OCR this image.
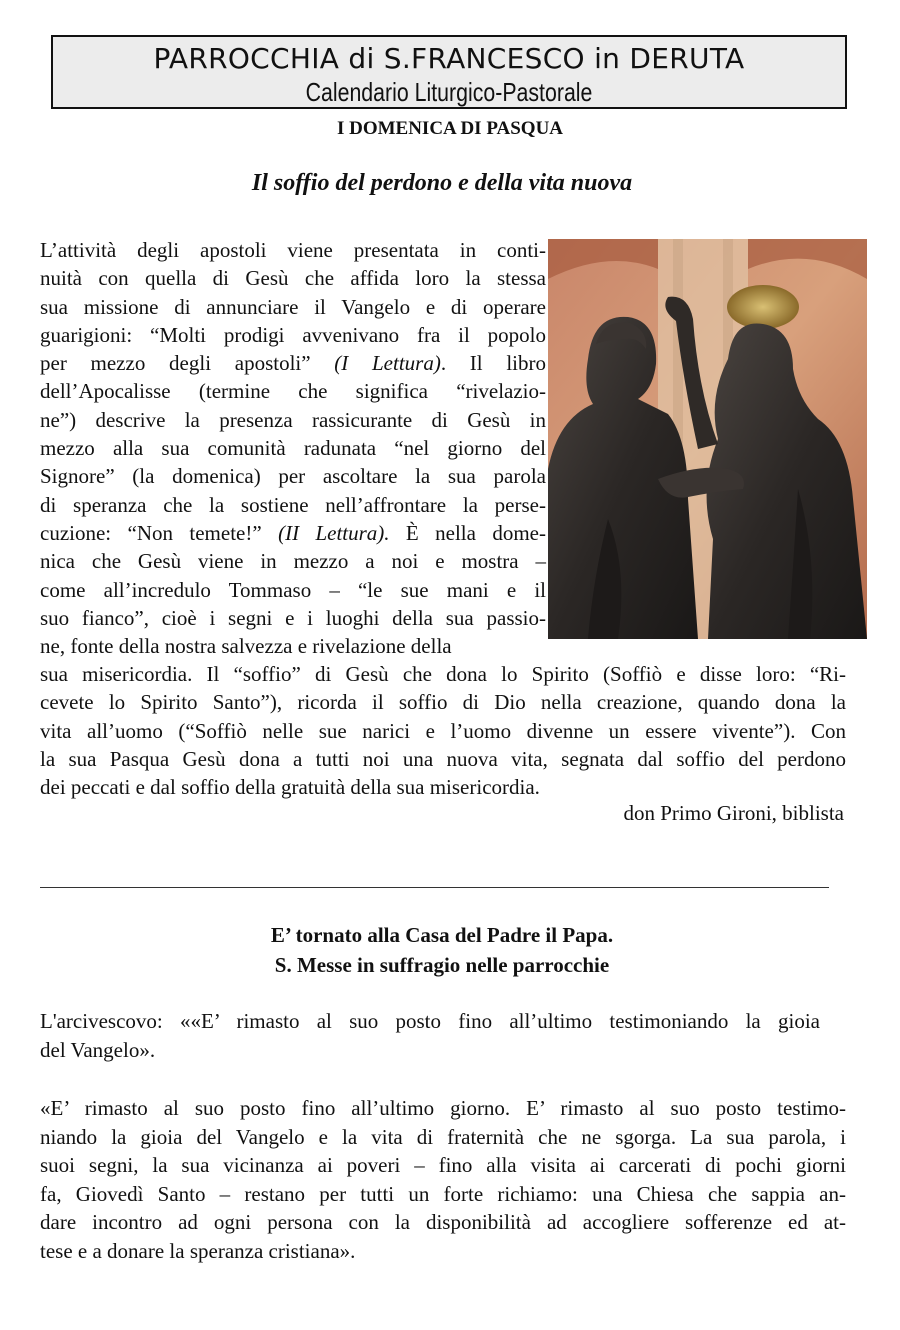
PARROCCHIA di S.FRANCESCO in DERUTA
Calendario Liturgico-Pastorale
I DOMENICA DI PASQUA
Il soffio del perdono e della vita nuova
L’attività degli apostoli viene presentata in conti-
nuità con quella di Gesù che affida loro la stessa
sua missione di annunciare il Vangelo e di operare
guarigioni: “Molti prodigi avvenivano fra il popolo
per mezzo degli apostoli” (I Lettura). Il libro
dell’Apocalisse (termine che significa “rivelazio-
ne”) descrive la presenza rassicurante di Gesù in
mezzo alla sua comunità radunata “nel giorno del
Signore” (la domenica) per ascoltare la sua parola
di speranza che la sostiene nell’affrontare la perse-
cuzione: “Non temete!” (II Lettura). È nella dome-
nica che Gesù viene in mezzo a noi e mostra –
come all’incredulo Tommaso – “le sue mani e il
suo fianco”, cioè i segni e i luoghi della sua passio-
ne, fonte della nostra salvezza e rivelazione della
sua misericordia. Il “soffio” di Gesù che dona lo Spirito (Soffiò e disse loro: “Ri-
cevete lo Spirito Santo”), ricorda il soffio di Dio nella creazione, quando dona la
vita all’uomo (“Soffiò nelle sue narici e l’uomo divenne un essere vivente”). Con
la sua Pasqua Gesù dona a tutti noi una nuova vita, segnata dal soffio del perdono
dei peccati e dal soffio della gratuità della sua misericordia.
don Primo Gironi, biblista
E’ tornato alla Casa del Padre il Papa.
S. Messe in suffragio nelle parrocchie
L'arcivescovo: ««E’ rimasto al suo posto fino all’ultimo testimoniando la gioia
del Vangelo».
«E’ rimasto al suo posto fino all’ultimo giorno. E’ rimasto al suo posto testimo-
niando la gioia del Vangelo e la vita di fraternità che ne sgorga. La sua parola, i
suoi segni, la sua vicinanza ai poveri – fino alla visita ai carcerati di pochi giorni
fa, Giovedì Santo – restano per tutti un forte richiamo: una Chiesa che sappia an-
dare incontro ad ogni persona con la disponibilità ad accogliere sofferenze ed at-
tese e a donare la speranza cristiana».
